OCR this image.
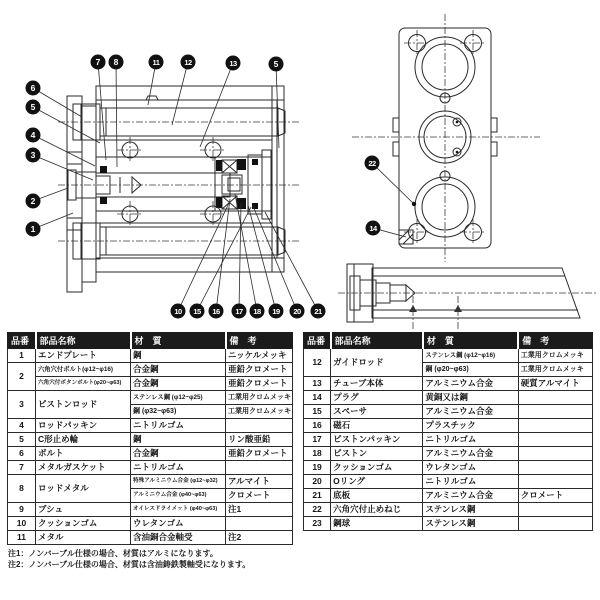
7 8	11	12	13	5
6
5
4
3
2
1
10 15 16 17 18 19 20 21
22
14
品番	部品名称	材　質	備　考
1	エンドプレート	鋼	ニッケルメッキ
2	六角穴付ボルト(φ12~φ16)	合金鋼	亜鉛クロメート
	六角穴付ボタンボルト(φ20~φ63)	合金鋼	亜鉛クロメート
3	ピストンロッド	ステンレス鋼 (φ12~φ25)	工業用クロムメッキ
		鋼 (φ32~φ63)	工業用クロムメッキ
4	ロッドパッキン	ニトリルゴム	
5	C形止め輪	鋼	リン酸亜鉛
6	ボルト	合金鋼	亜鉛クロメート
7	メタルガスケット	ニトリルゴム	
8	ロッドメタル	特殊アルミニウム合金 (φ12~φ32)	アルマイト
		アルミニウム合金 (φ40~φ63)	クロメート
9	ブシュ	オイレスドライメット (φ40~φ63)	注1
10	クッションゴム	ウレタンゴム	
11	メタル	含油銅合金軸受	注2
品番	部品名称	材　質	備　考
12	ガイドロッド	ステンレス鋼 (φ12~φ16)	工業用クロムメッキ
		鋼 (φ20~φ63)	工業用クロムメッキ
13	チューブ本体	アルミニウム合金	硬質アルマイト
14	プラグ	黄銅又は鋼	
15	スペーサ	アルミニウム合金	
16	磁石	プラスチック	
17	ピストンパッキン	ニトリルゴム	
18	ピストン	アルミニウム合金	
19	クッションゴム	ウレタンゴム	
20	Oリング	ニトリルゴム	
21	底板	アルミニウム合金	クロメート
22	六角穴付止めねじ	ステンレス鋼	
23	鋼球	ステンレス鋼	
注1：ノンバーブル仕様の場合、材質はアルミになります。
注2：ノンバーブル仕様の場合、材質は含油鋳鉄製軸受になります。
